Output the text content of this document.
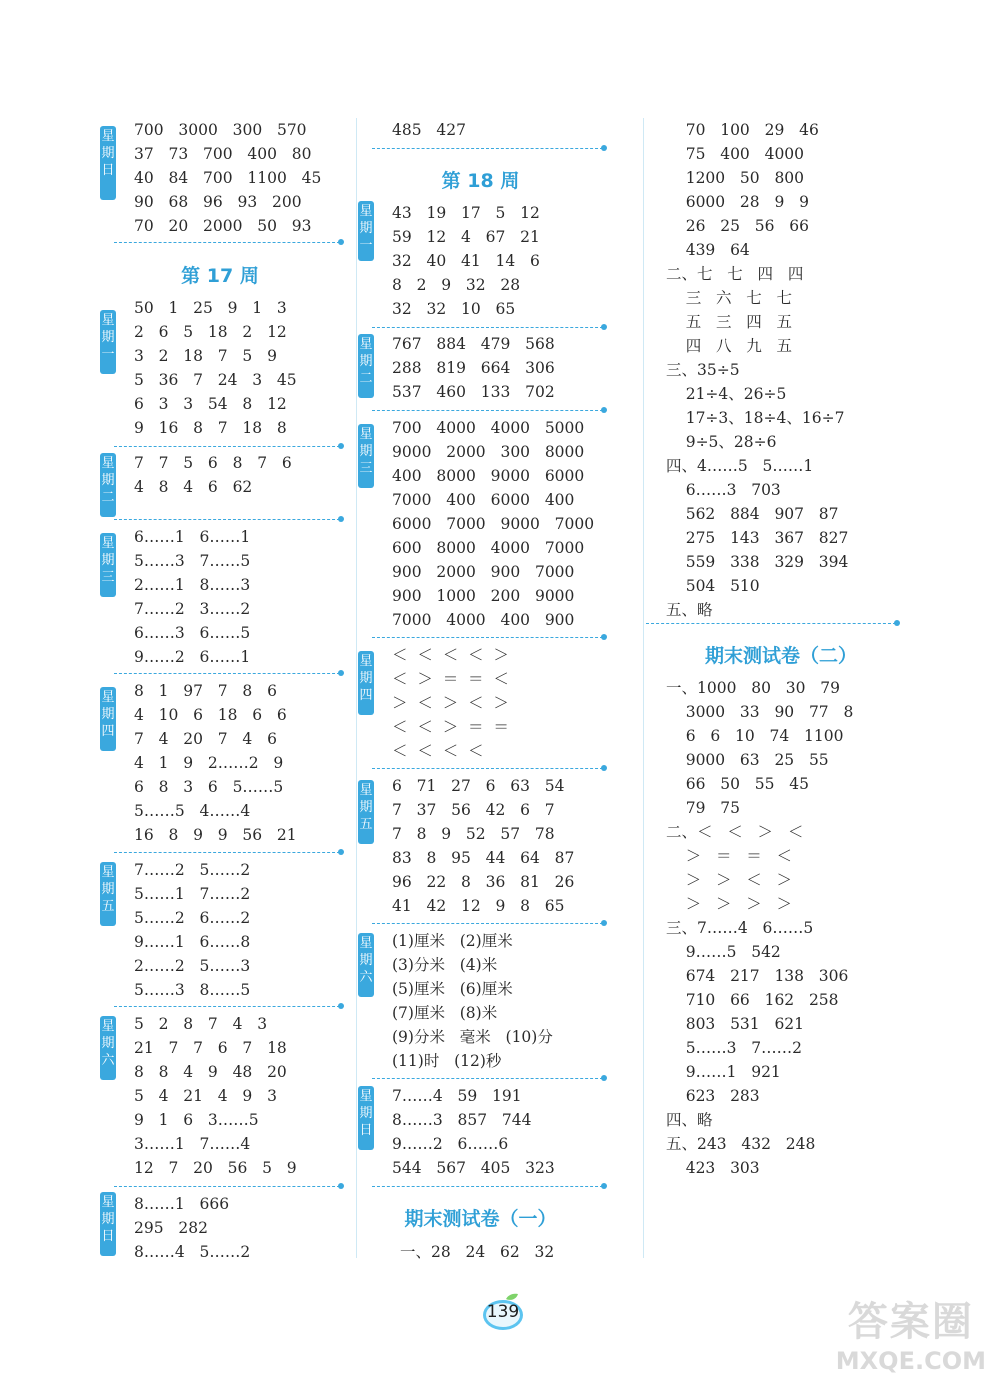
星
期
日
700   3000   300   570
37   73   700   400   80
40   84   700   1100   45
90   68   96   93   200
70   20   2000   50   93
第 17 周
星
期
一
50   1   25   9   1   3
2   6   5   18   2   12
3   2   18   7   5   9
5   36   7   24   3   45
6   3   3   54   8   12
9   16   8   7   18   8
星
期
二
7   7   5   6   8   7   6
4   8   4   6   62
星
期
三
6……1   6……1
5……3   7……5
2……1   8……3
7……2   3……2
6……3   6……5
9……2   6……1
星
期
四
8   1   97   7   8   6
4   10   6   18   6   6
7   4   20   7   4   6
4   1   9   2……2   9
6   8   3   6   5……5
5……5   4……4
16   8   9   9   56   21
星
期
五
7……2   5……2
5……1   7……2
5……2   6……2
9……1   6……8
2……2   5……3
5……3   8……5
星
期
六
5   2   8   7   4   3
21   7   7   6   7   18
8   8   4   9   48   20
5   4   21   4   9   3
9   1   6   3……5
3……1   7……4
12   7   20   56   5   9
星
期
日
8……1   666
295   282
8……4   5……2
485   427
第 18 周
星
期
一
43   19   17   5   12
59   12   4   67   21
32   40   41   14   6
8   2   9   32   28
32   32   10   65
星
期
二
767   884   479   568
288   819   664   306
537   460   133   702
星
期
三
700   4000   4000   5000
9000   2000   300   8000
400   8000   9000   6000
7000   400   6000   400
6000   7000   9000   7000
600   8000   4000   7000
900   2000   900   7000
900   1000   200   9000
7000   4000   400   900
星
期
四
＜  ＜  ＜  ＜  ＞
＜  ＞  ＝  ＝  ＜
＞  ＜  ＞  ＜  ＞
＜  ＜  ＞  ＝  ＝
＜  ＜  ＜  ＜
星
期
五
6   71   27   6   63   54
7   37   56   42   6   7
7   8   9   52   57   78
83   8   95   44   64   87
96   22   8   36   81   26
41   42   12   9   8   65
星
期
六
(1)厘米   (2)厘米
(3)分米   (4)米
(5)厘米   (6)厘米
(7)厘米   (8)米
(9)分米   毫米   (10)分
(11)时   (12)秒
星
期
日
7……4   59   191
8……3   857   744
9……2   6……6
544   567   405   323
期末测试卷（一）
一、28   24   62   32
70   100   29   46
75   400   4000
1200   50   800
6000   28   9   9
26   25   56   66
439   64
二、七   七   四   四
三   六   七   七
五   三   四   五
四   八   九   五
三、35÷5
21÷4、26÷5
17÷3、18÷4、16÷7
9÷5、28÷6
四、4……5   5……1
6……3   703
562   884   907   87
275   143   367   827
559   338   329   394
504   510
五、略
期末测试卷（二）
一、1000   80   30   79
3000   33   90   77   8
6   6   10   74   1100
9000   63   25   55
66   50   55   45
79   75
二、＜   ＜   ＞   ＜
＞   ＝   ＝   ＜
＞   ＞   ＜   ＞
＞   ＞   ＞   ＞
三、7……4   6……5
9……5   542
674   217   138   306
710   66   162   258
803   531   621
5……3   7……2
9……1   921
623   283
四、略
五、243   432   248
423   303
139	答案圈
MXQE.COM
